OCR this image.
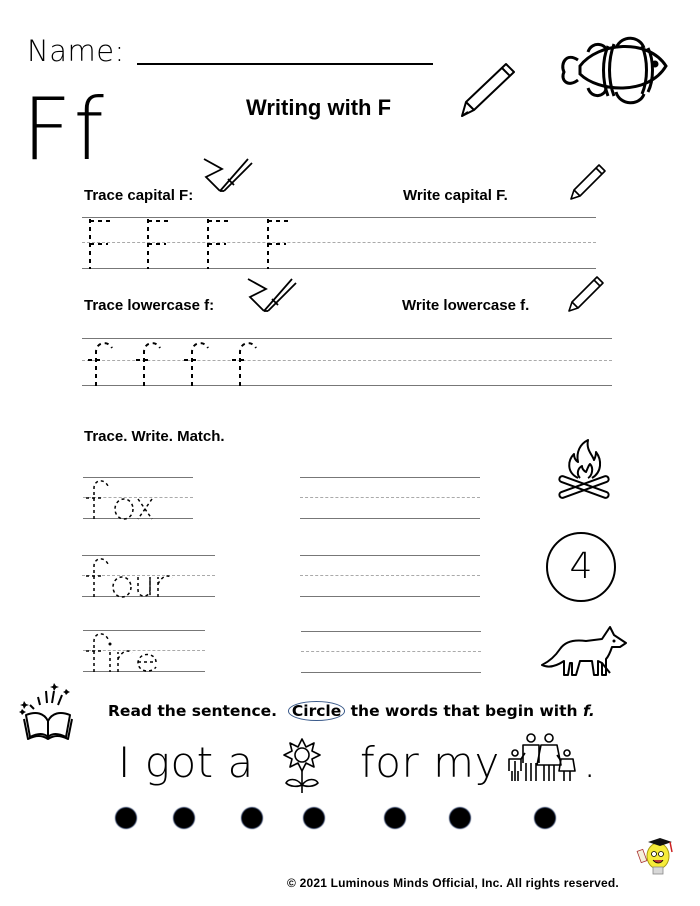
Name:
Ff	Writing with F
Trace capital F:	Write capital F.
Trace lowercase f:	Write lowercase f.
Trace. Write. Match.
4
Read the sentence. Circle the words that begin with f.
I got a	for my .
© 2021 Luminous Minds Official, Inc. All rights reserved.
